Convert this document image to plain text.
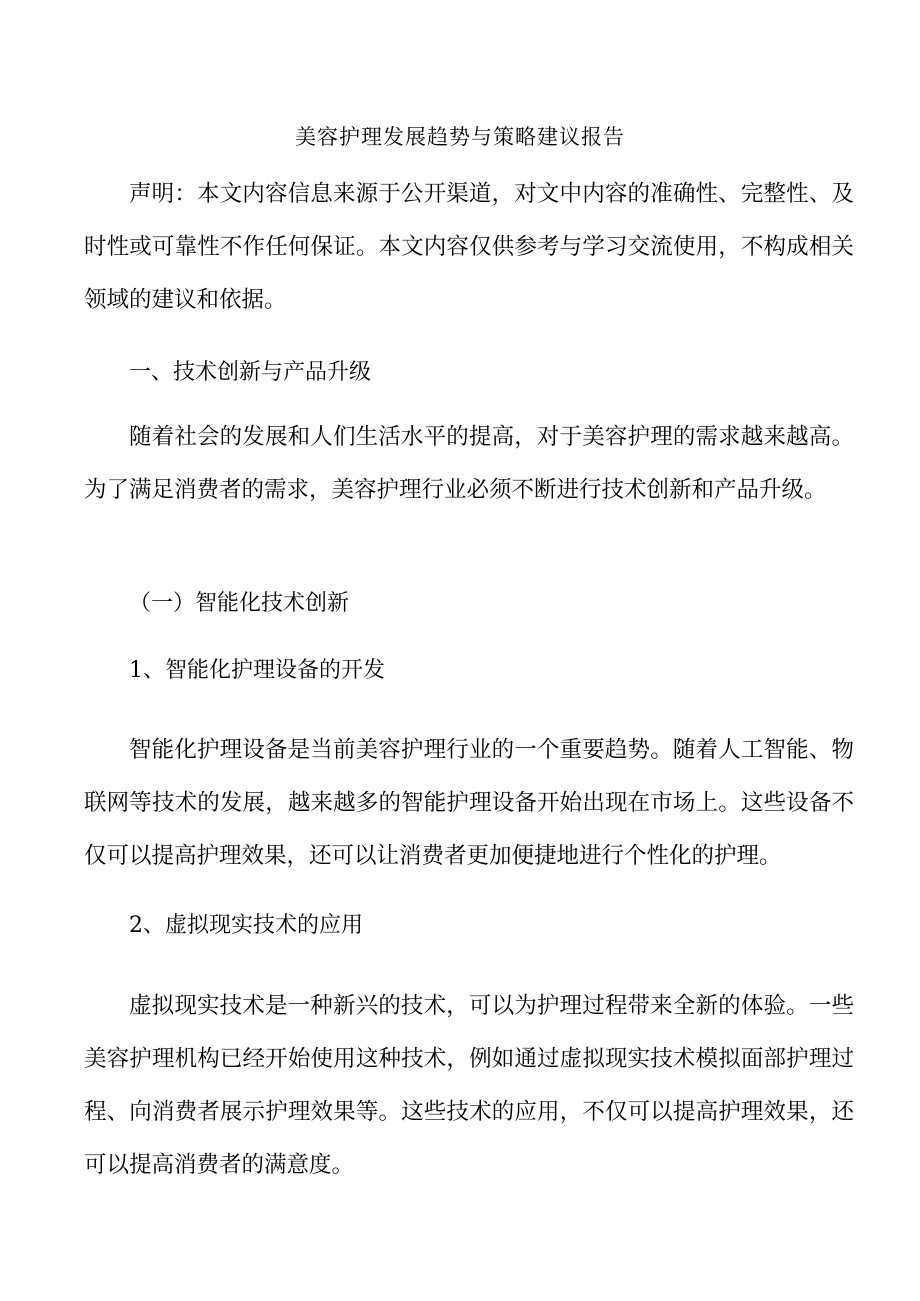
美容护理发展趋势与策略建议报告

声明：本文内容信息来源于公开渠道，对文中内容的准确性、完整性、及时性或可靠性不作任何保证。本文内容仅供参考与学习交流使用，不构成相关领域的建议和依据。

一、技术创新与产品升级

随着社会的发展和人们生活水平的提高，对于美容护理的需求越来越高。为了满足消费者的需求，美容护理行业必须不断进行技术创新和产品升级。

（一）智能化技术创新

1、智能化护理设备的开发

智能化护理设备是当前美容护理行业的一个重要趋势。随着人工智能、物联网等技术的发展，越来越多的智能护理设备开始出现在市场上。这些设备不仅可以提高护理效果，还可以让消费者更加便捷地进行个性化的护理。

2、虚拟现实技术的应用

虚拟现实技术是一种新兴的技术，可以为护理过程带来全新的体验。一些美容护理机构已经开始使用这种技术，例如通过虚拟现实技术模拟面部护理过程、向消费者展示护理效果等。这些技术的应用，不仅可以提高护理效果，还可以提高消费者的满意度。
